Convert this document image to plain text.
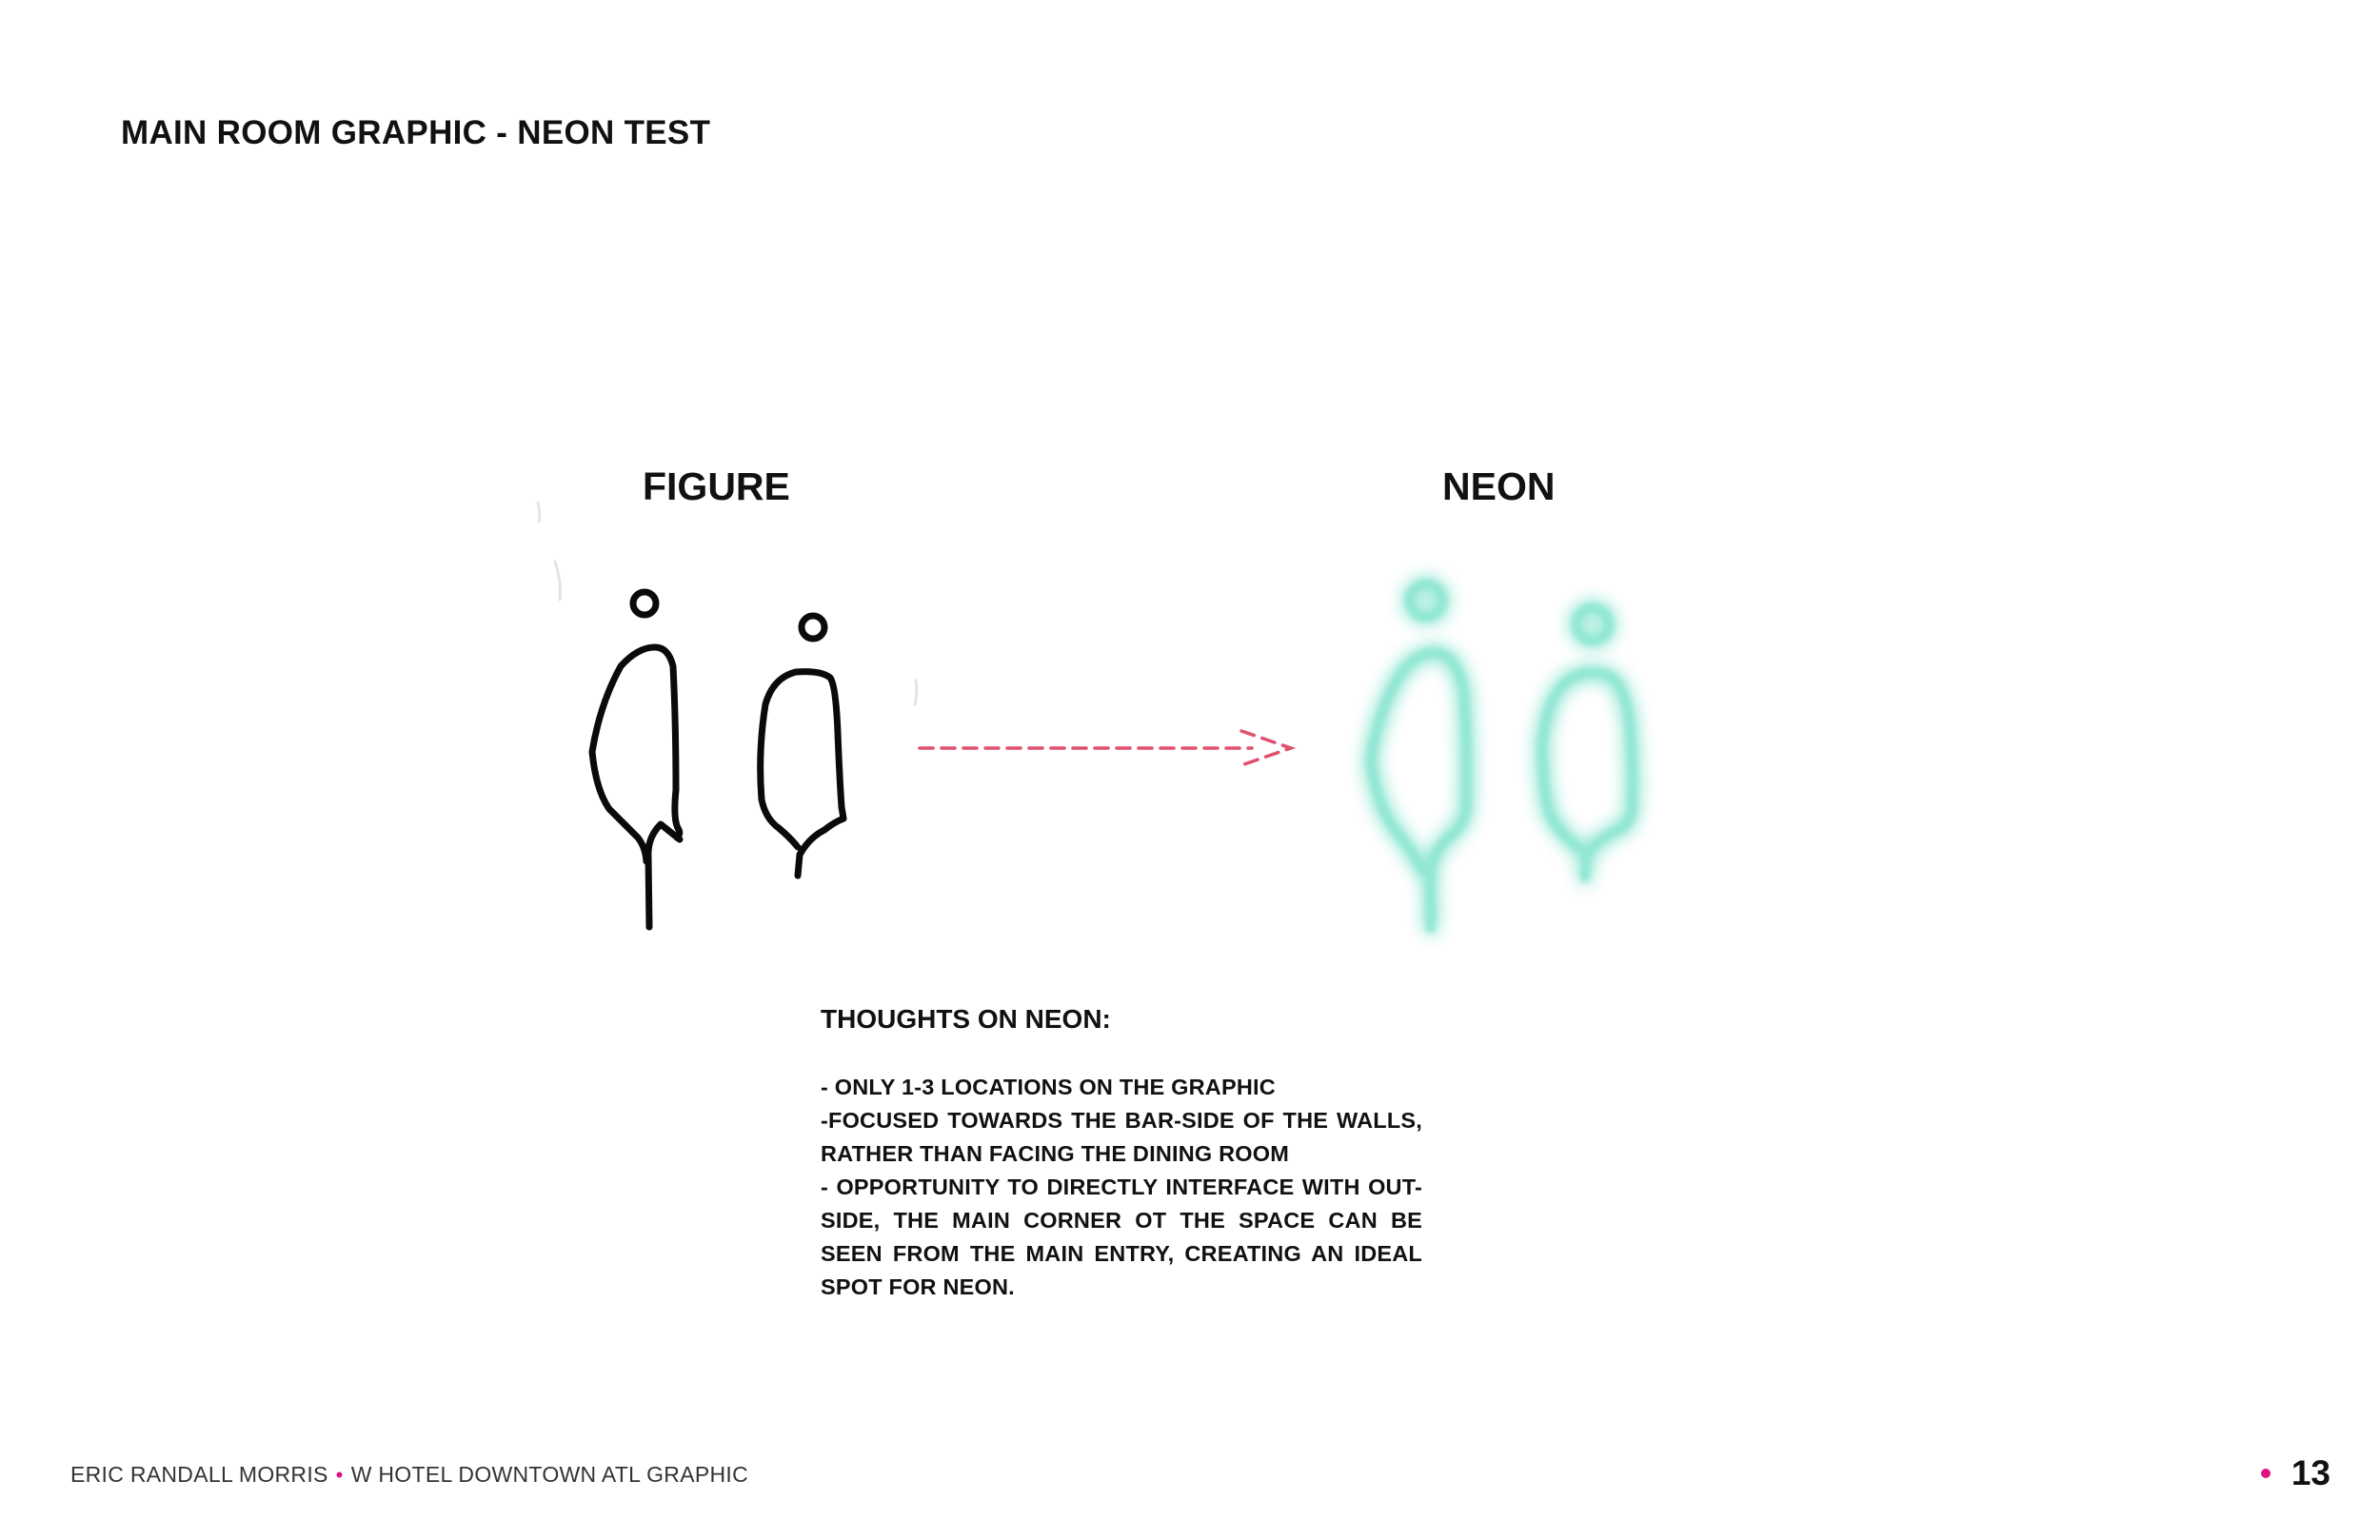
MAIN ROOM GRAPHIC - NEON TEST
FIGURE	NEON
THOUGHTS ON NEON:
- ONLY 1-3 LOCATIONS ON THE GRAPHIC
-FOCUSED TOWARDS THE BAR-SIDE OF THE WALLS, RATHER THAN FACING THE DINING ROOM
- OPPORTUNITY TO DIRECTLY INTERFACE WITH OUT-SIDE, THE MAIN CORNER OT THE SPACE CAN BE SEEN FROM THE MAIN ENTRY, CREATING AN IDEAL SPOT FOR NEON.
ERIC RANDALL MORRIS • W HOTEL DOWNTOWN ATL GRAPHIC	13
